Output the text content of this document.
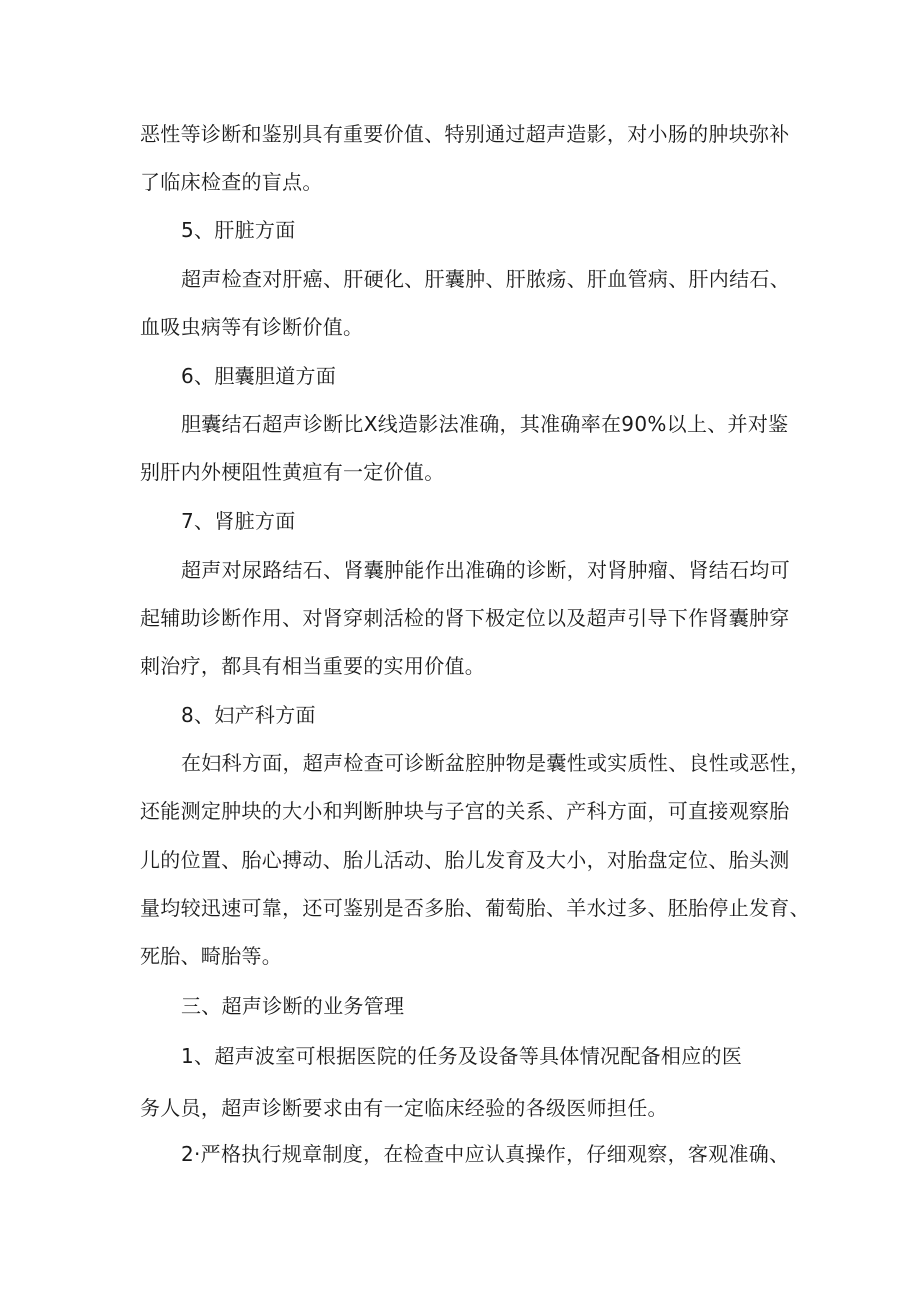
恶性等诊断和鉴别具有重要价值、特别通过超声造影，对小肠的肿块弥补
了临床检查的盲点。
5、肝脏方面
超声检查对肝癌、肝硬化、肝囊肿、肝脓疡、肝血管病、肝内结石、
血吸虫病等有诊断价值。
6、胆囊胆道方面
胆囊结石超声诊断比X线造影法准确，其准确率在90%以上、并对鉴
别肝内外梗阻性黄疸有一定价值。
7、肾脏方面
超声对尿路结石、肾囊肿能作出准确的诊断，对肾肿瘤、肾结石均可
起辅助诊断作用、对肾穿刺活检的肾下极定位以及超声引导下作肾囊肿穿
刺治疗，都具有相当重要的实用价值。
8、妇产科方面
在妇科方面，超声检查可诊断盆腔肿物是囊性或实质性、良性或恶性，
还能测定肿块的大小和判断肿块与子宫的关系、产科方面，可直接观察胎
儿的位置、胎心搏动、胎儿活动、胎儿发育及大小，对胎盘定位、胎头测
量均较迅速可靠，还可鉴别是否多胎、葡萄胎、羊水过多、胚胎停止发育、
死胎、畸胎等。
三、超声诊断的业务管理
1、超声波室可根据医院的任务及设备等具体情况配备相应的医
务人员，超声诊断要求由有一定临床经验的各级医师担任。
2·严格执行规章制度，在检查中应认真操作，仔细观察，客观准确、
